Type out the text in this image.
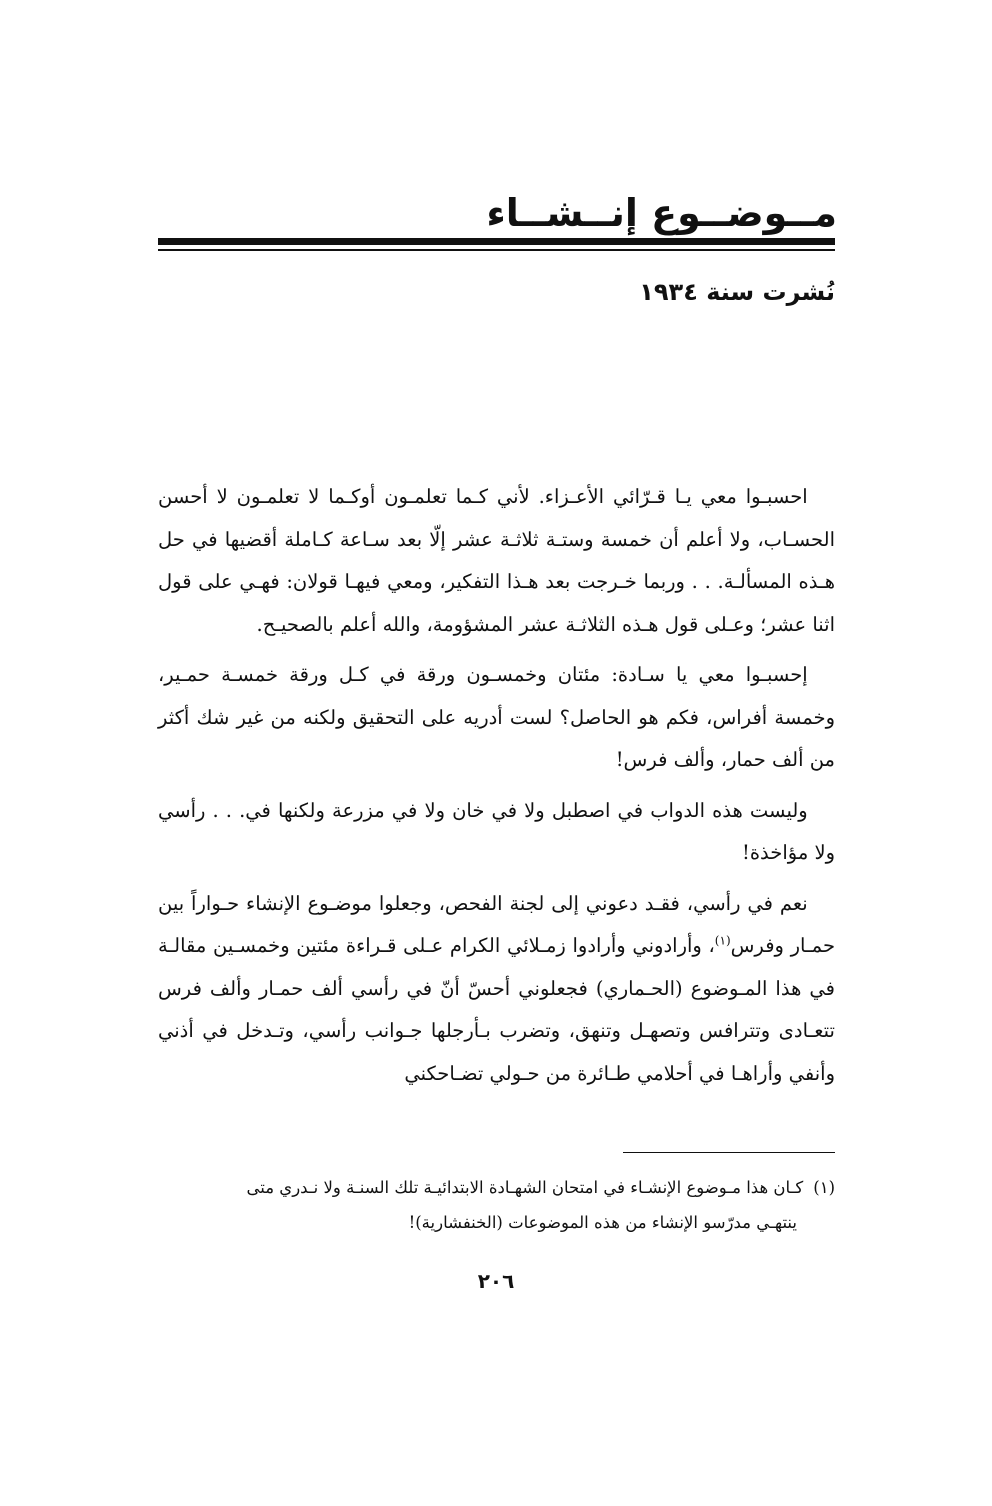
مــوضــوع إنــشــاء

نُشرت سنة ١٩٣٤

احسبـوا معي يـا قـرّائي الأعـزاء. لأني كـما تعلمـون أوكـما لا تعلمـون لا أحسن الحسـاب، ولا أعلم أن خمسة وستـة ثلاثـة عشر إلّا بعد سـاعة كـاملة أقضيها في حل هـذه المسألـة. . . وربما خـرجت بعد هـذا التفكير، ومعي فيهـا قولان: فهـي على قول اثنا عشر؛ وعـلى قول هـذه الثلاثـة عشر المشؤومة، والله أعلم بالصحيـح.

إحسبـوا معي يا سـادة: مئتان وخمسـون ورقة في كـل ورقة خمسـة حمـير، وخمسة أفراس، فكم هو الحاصل؟ لست أدريه على التحقيق ولكنه من غير شك أكثر من ألف حمار، وألف فرس!

وليست هذه الدواب في اصطبل ولا في خان ولا في مزرعة ولكنها في. . . رأسي ولا مؤاخذة!

نعم في رأسي، فقـد دعوني إلى لجنة الفحص، وجعلوا موضـوع الإنشاء حـواراً بين حمـار وفرس$^{(١)}$، وأرادوني وأرادوا زمـلائي الكرام عـلى قـراءة مئتين وخمسـين مقالـة في هذا المـوضوع (الحـماري) فجعلوني أحسّ أنّ في رأسي ألف حمـار وألف فرس تتعـادى وتترافس وتصهـل وتنهق، وتضرب بـأرجلها جـوانب رأسي، وتـدخل في أذني وأنفي وأراهـا في أحلامي طـائرة من حـولي تضـاحكني

(١)كـان هذا مـوضوع الإنشـاء في امتحان الشهـادة الابتدائيـة تلك السنـة ولا نـدري متى
ينتهـي مدرّسو الإنشاء من هذه الموضوعات (الخنفشارية)!
٢٠٦
